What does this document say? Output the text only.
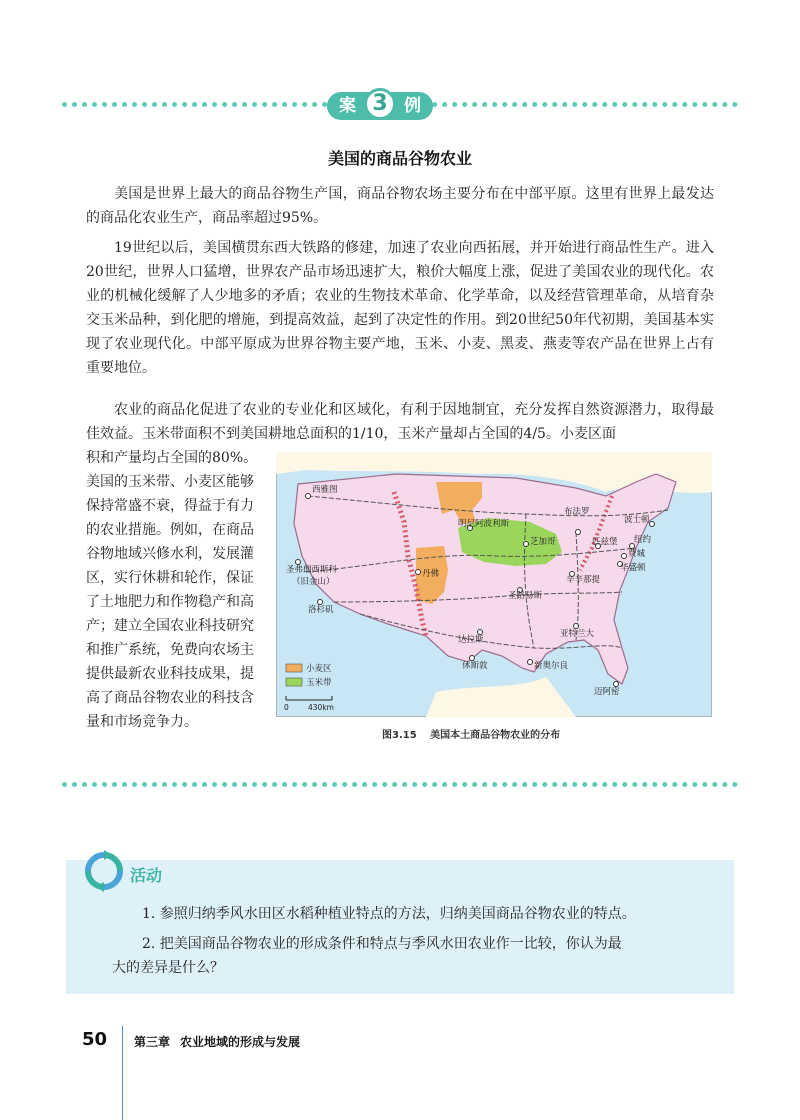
案 3 例
美国的商品谷物农业

美国是世界上最大的商品谷物生产国，商品谷物农场主要分布在中部平原。这里有世界上最发达的商品化农业生产，商品率超过95%。

19世纪以后，美国横贯东西大铁路的修建，加速了农业向西拓展，并开始进行商品性生产。进入20世纪，世界人口猛增，世界农产品市场迅速扩大，粮价大幅度上涨，促进了美国农业的现代化。农业的机械化缓解了人少地多的矛盾；农业的生物技术革命、化学革命，以及经营管理革命，从培育杂交玉米品种，到化肥的增施，到提高效益，起到了决定性的作用。到20世纪50年代初期，美国基本实现了农业现代化。中部平原成为世界谷物主要产地，玉米、小麦、黑麦、燕麦等农产品在世界上占有重要地位。

农业的商品化促进了农业的专业化和区域化，有利于因地制宜，充分发挥自然资源潜力，取得最佳效益。玉米带面积不到美国耕地总面积的1/10，玉米产量却占全国的4/5。小麦区面

积和产量均占全国的80%。
美国的玉米带、小麦区能够
保持常盛不衰，得益于有力
的农业措施。例如，在商品
谷物地域兴修水利，发展灌
区，实行休耕和轮作，保证
了土地肥力和作物稳产和高
产；建立全国农业科技研究
和推广系统，免费向农场主
提供最新农业科技成果，提
高了商品谷物农业的科技含
量和市场竞争力。
西雅图
明尼阿波利斯
芝加哥
波士顿
布法罗
匹兹堡 纽约
费城
华盛顿
圣弗朗西斯科
（旧金山）
丹佛
辛辛那提
圣路易斯
洛杉矶
达拉斯
亚特兰大
休斯敦	新奥尔良
迈阿密
小麦区
玉米带
0	430km
图3.15 美国本土商品谷物农业的分布
活动

1. 参照归纳季风水田区水稻种植业特点的方法，归纳美国商品谷物农业的特点。

2. 把美国商品谷物农业的形成条件和特点与季风水田农业作一比较，你认为最

大的差异是什么？

50 第三章 农业地域的形成与发展
